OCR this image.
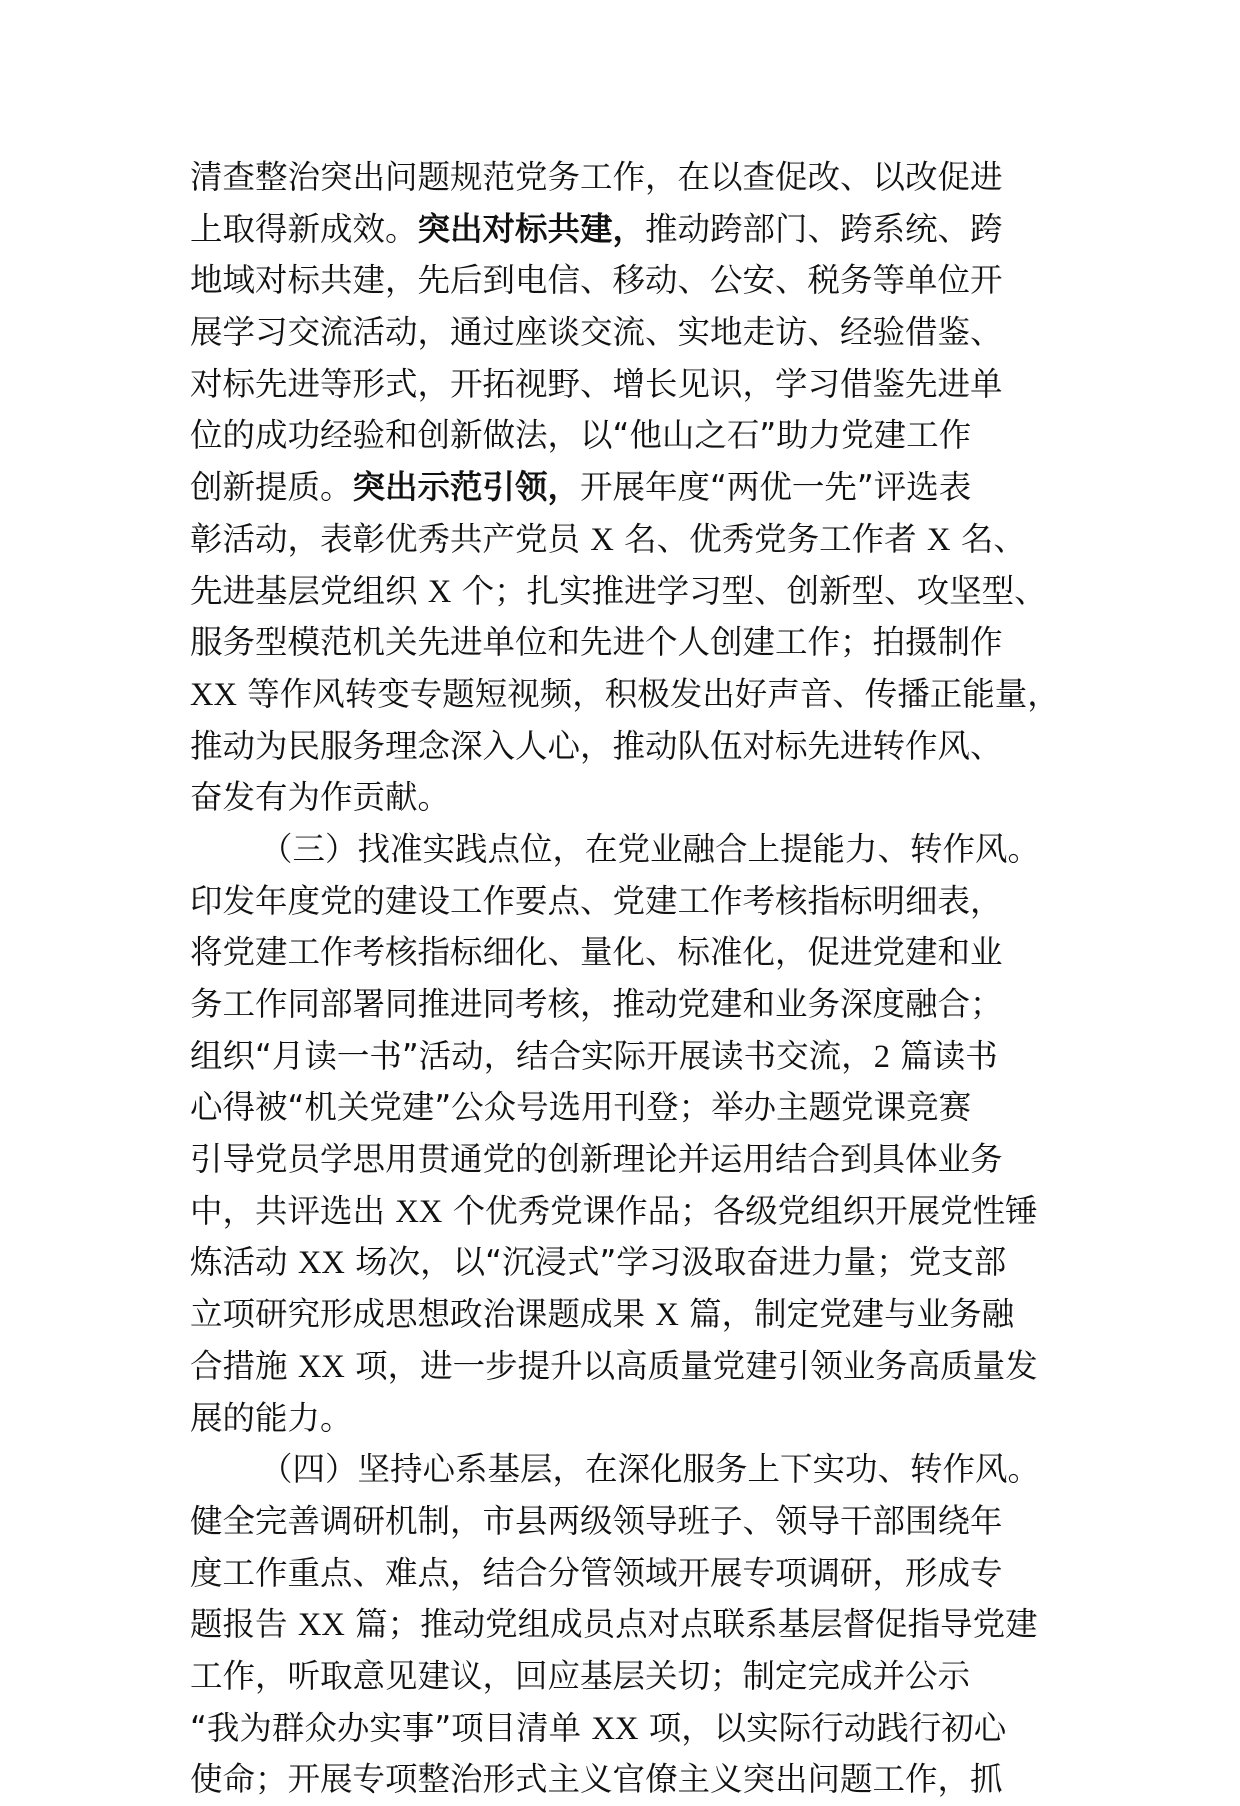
清查整治突出问题规范党务工作，在以查促改、以改促进
上取得新成效。突出对标共建，推动跨部门、跨系统、跨
地域对标共建，先后到电信、移动、公安、税务等单位开
展学习交流活动，通过座谈交流、实地走访、经验借鉴、
对标先进等形式，开拓视野、增长见识，学习借鉴先进单
位的成功经验和创新做法，以“他山之石”助力党建工作
创新提质。突出示范引领，开展年度“两优一先”评选表
彰活动，表彰优秀共产党员 X 名、优秀党务工作者 X 名、
先进基层党组织 X 个；扎实推进学习型、创新型、攻坚型、
服务型模范机关先进单位和先进个人创建工作；拍摄制作
XX 等作风转变专题短视频，积极发出好声音、传播正能量，
推动为民服务理念深入人心，推动队伍对标先进转作风、
奋发有为作贡献。
（三）找准实践点位，在党业融合上提能力、转作风。
印发年度党的建设工作要点、党建工作考核指标明细表，
将党建工作考核指标细化、量化、标准化，促进党建和业
务工作同部署同推进同考核，推动党建和业务深度融合；
组织“月读一书”活动，结合实际开展读书交流，2 篇读书
心得被“机关党建”公众号选用刊登；举办主题党课竞赛
引导党员学思用贯通党的创新理论并运用结合到具体业务
中，共评选出 XX 个优秀党课作品；各级党组织开展党性锤
炼活动 XX 场次，以“沉浸式”学习汲取奋进力量；党支部
立项研究形成思想政治课题成果 X 篇，制定党建与业务融
合措施 XX 项，进一步提升以高质量党建引领业务高质量发
展的能力。
（四）坚持心系基层，在深化服务上下实功、转作风。
健全完善调研机制，市县两级领导班子、领导干部围绕年
度工作重点、难点，结合分管领域开展专项调研，形成专
题报告 XX 篇；推动党组成员点对点联系基层督促指导党建
工作，听取意见建议，回应基层关切；制定完成并公示
“我为群众办实事”项目清单 XX 项，以实际行动践行初心
使命；开展专项整治形式主义官僚主义突出问题工作，抓
